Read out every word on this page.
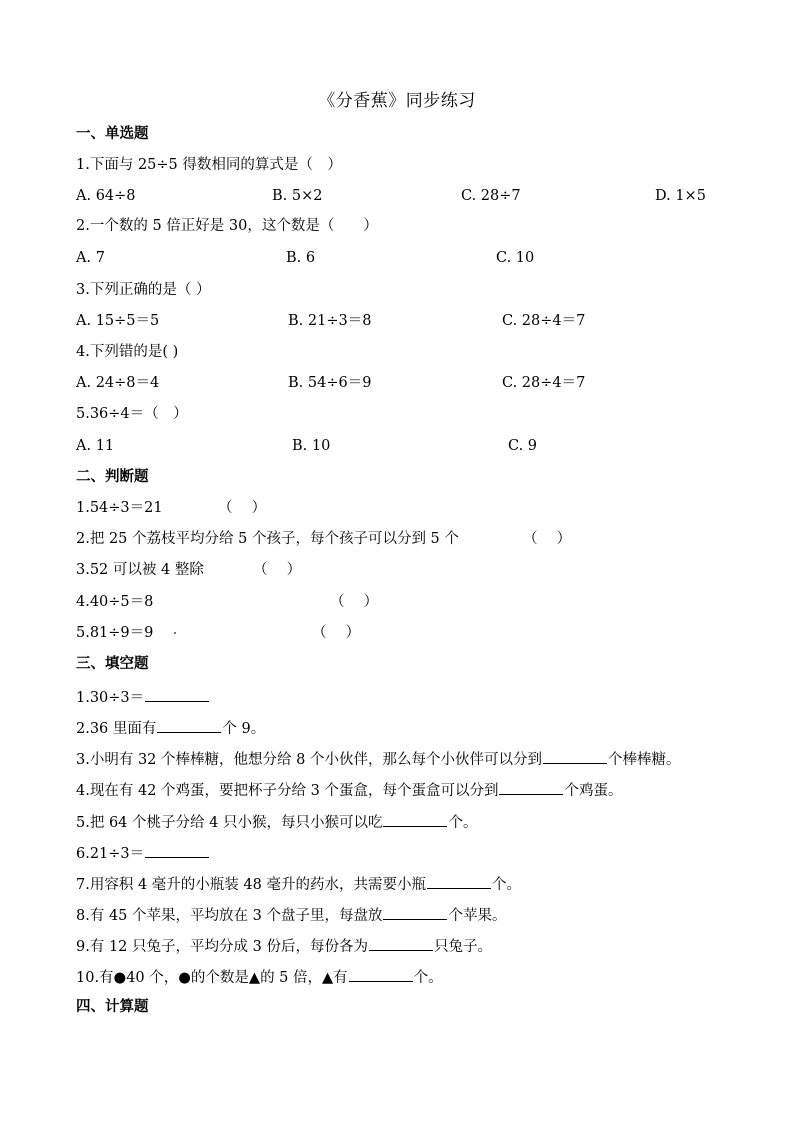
《分香蕉》同步练习
一、单选题
1.下面与 25÷5 得数相同的算式是（　）
A. 64÷8	B. 5×2	C. 28÷7	D. 1×5
2.一个数的 5 倍正好是 30，这个数是（　　）
A. 7	B. 6	C. 10
3.下列正确的是（ ）
A. 15÷5＝5	B. 21÷3＝8	C. 28÷4＝7
4.下列错的是( )
A. 24÷8＝4	B. 54÷6＝9	C. 28÷4＝7
5.36÷4＝（　）
A. 11	B. 10	C. 9
二、判断题
1.54÷3＝21	（　 ）
2.把 25 个荔枝平均分给 5 个孩子，每个孩子可以分到 5 个	（　 ）
3.52 可以被 4 整除	（　 ）
4.40÷5＝8	（　 ）
5.81÷9＝9	（　 ）
三、填空题
1.30÷3＝
2.36 里面有	个 9。
3.小明有 32 个棒棒糖，他想分给 8 个小伙伴，那么每个小伙伴可以分到	个棒棒糖。
4.现在有 42 个鸡蛋，要把杯子分给 3 个蛋盒，每个蛋盒可以分到	个鸡蛋。
5.把 64 个桃子分给 4 只小猴，每只小猴可以吃	个。
6.21÷3＝
7.用容积 4 毫升的小瓶装 48 毫升的药水，共需要小瓶	个。
8.有 45 个苹果，平均放在 3 个盘子里，每盘放	个苹果。
9.有 12 只兔子，平均分成 3 份后，每份各为	只兔子。
10.有●40 个，●的个数是▲的 5 倍，▲有	个。
四、计算题
